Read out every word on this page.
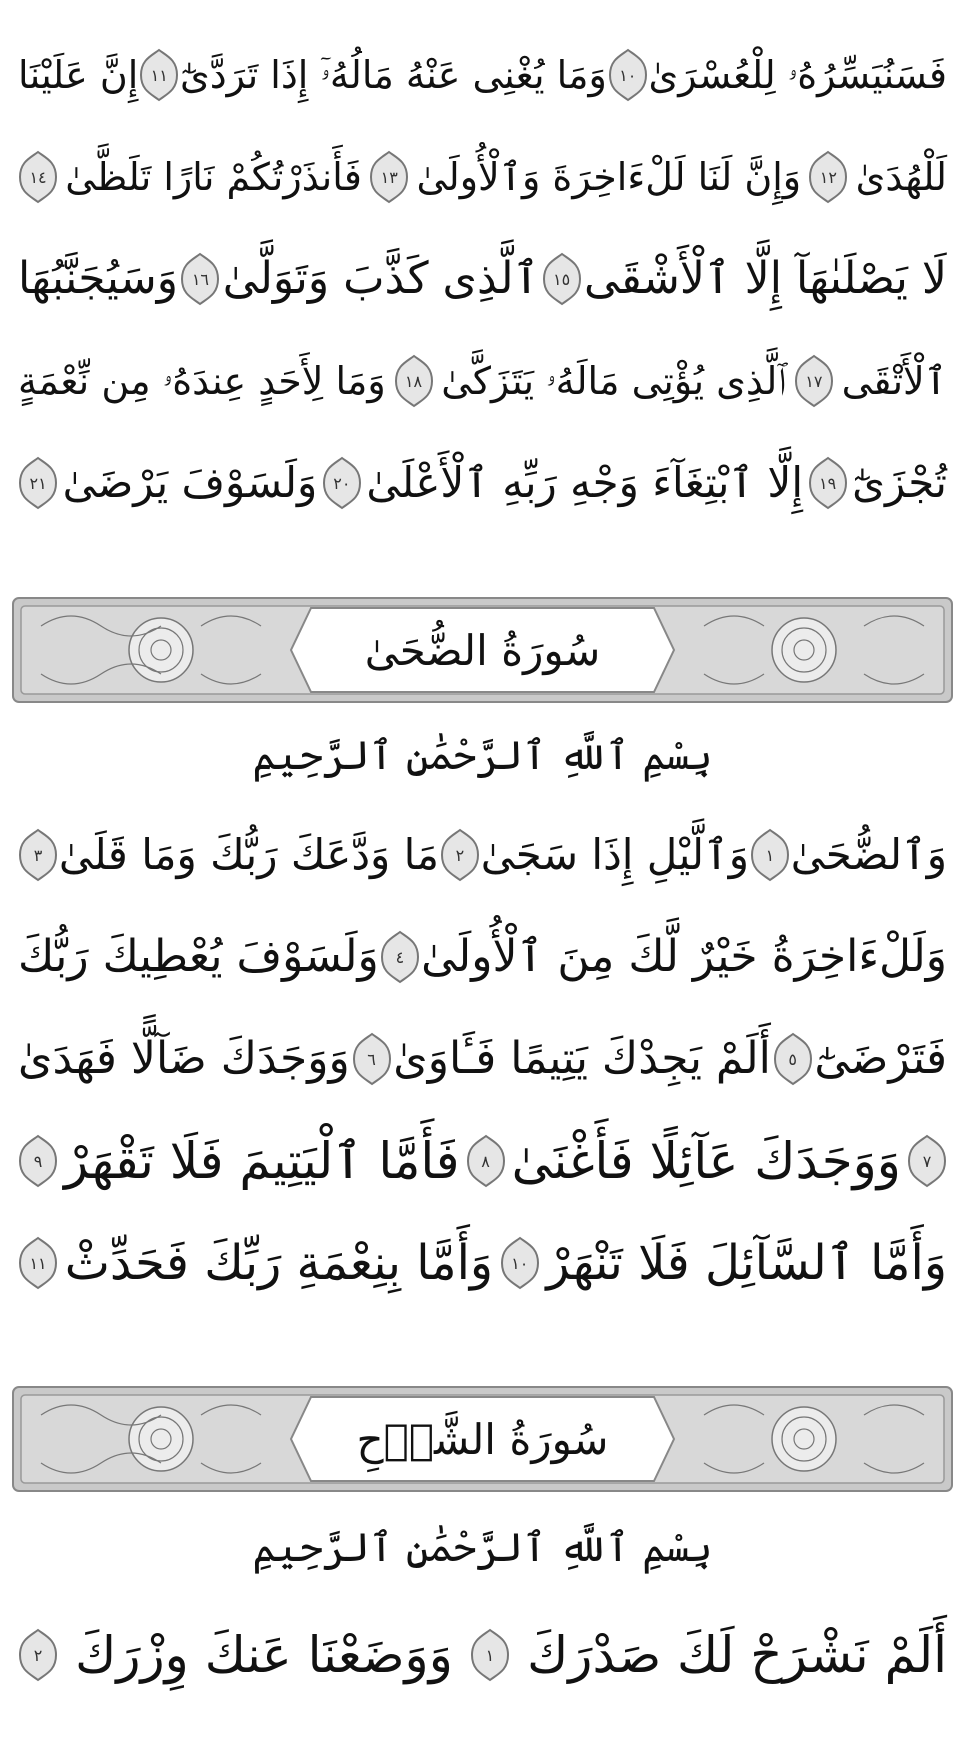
فَسَنُيَسِّرُهُۥ لِلْعُسْرَىٰ
١٠
وَمَا يُغْنِى عَنْهُ مَالُهُۥٓ إِذَا تَرَدَّىٰٓ
١١
إِنَّ عَلَيْنَا
لَلْهُدَىٰ
١٢
وَإِنَّ لَنَا لَلْءَاخِرَةَ وَٱلْأُولَىٰ
١٣
فَأَنذَرْتُكُمْ نَارًا تَلَظَّىٰ
١٤
لَا يَصْلَىٰهَآ إِلَّا ٱلْأَشْقَى
١٥
ٱلَّذِى كَذَّبَ وَتَوَلَّىٰ
١٦
وَسَيُجَنَّبُهَا
ٱلْأَتْقَى
١٧
ٱلَّذِى يُؤْتِى مَالَهُۥ يَتَزَكَّىٰ
١٨
وَمَا لِأَحَدٍ عِندَهُۥ مِن نِّعْمَةٍ
تُجْزَىٰٓ
١٩
إِلَّا ٱبْتِغَآءَ وَجْهِ رَبِّهِ ٱلْأَعْلَىٰ
٢٠
وَلَسَوْفَ يَرْضَىٰ
٢١
سُورَةُ الضُّحَىٰ
بِسْمِ ٱللَّهِ ٱلرَّحْمَٰنِ ٱلرَّحِيمِ
وَٱلضُّحَىٰ
١
وَٱلَّيْلِ إِذَا سَجَىٰ
٢
مَا وَدَّعَكَ رَبُّكَ وَمَا قَلَىٰ
٣
وَلَلْءَاخِرَةُ خَيْرٌ لَّكَ مِنَ ٱلْأُولَىٰ
٤
وَلَسَوْفَ يُعْطِيكَ رَبُّكَ
فَتَرْضَىٰٓ
٥
أَلَمْ يَجِدْكَ يَتِيمًا فَـَٔاوَىٰ
٦
وَوَجَدَكَ ضَآلًّا فَهَدَىٰ
٧
وَوَجَدَكَ عَآئِلًا فَأَغْنَىٰ
٨
فَأَمَّا ٱلْيَتِيمَ فَلَا تَقْهَرْ
٩
وَأَمَّا ٱلسَّآئِلَ فَلَا تَنْهَرْ
١٠
وَأَمَّا بِنِعْمَةِ رَبِّكَ فَحَدِّثْ
١١
سُورَةُ الشَّرۡحِ
بِسْمِ ٱللَّهِ ٱلرَّحْمَٰنِ ٱلرَّحِيمِ
أَلَمْ نَشْرَحْ لَكَ صَدْرَكَ
١
وَوَضَعْنَا عَنكَ وِزْرَكَ
٢
